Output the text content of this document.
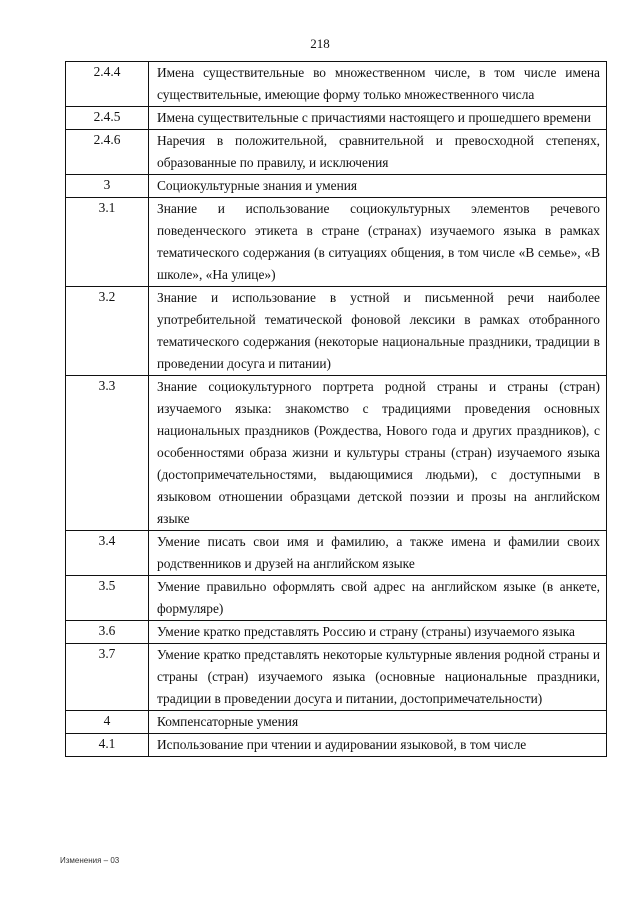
218
2.4.4	Имена существительные во множественном числе, в том числе имена существительные, имеющие форму только множественного числа
2.4.5	Имена существительные с причастиями настоящего и прошедшего времени
2.4.6	Наречия в положительной, сравнительной и превосходной степенях, образованные по правилу, и исключения
3	Социокультурные знания и умения
3.1	Знание и использование социокультурных элементов речевого поведенческого этикета в стране (странах) изучаемого языка в рамках тематического содержания (в ситуациях общения, в том числе «В семье», «В школе», «На улице»)
3.2	Знание и использование в устной и письменной речи наиболее употребительной тематической фоновой лексики в рамках отобранного тематического содержания (некоторые национальные праздники, традиции в проведении досуга и питании)
3.3	Знание социокультурного портрета родной страны и страны (стран) изучаемого языка: знакомство с традициями проведения основных национальных праздников (Рождества, Нового года и других праздников), с особенностями образа жизни и культуры страны (стран) изучаемого языка (достопримечательностями, выдающимися людьми), с доступными в языковом отношении образцами детской поэзии и прозы на английском языке
3.4	Умение писать свои имя и фамилию, а также имена и фамилии своих родственников и друзей на английском языке
3.5	Умение правильно оформлять свой адрес на английском языке (в анкете, формуляре)
3.6	Умение кратко представлять Россию и страну (страны) изучаемого языка
3.7	Умение кратко представлять некоторые культурные явления родной страны и страны (стран) изучаемого языка (основные национальные праздники, традиции в проведении досуга и питании, достопримечательности)
4	Компенсаторные умения
4.1	Использование при чтении и аудировании языковой, в том числе
Изменения – 03
